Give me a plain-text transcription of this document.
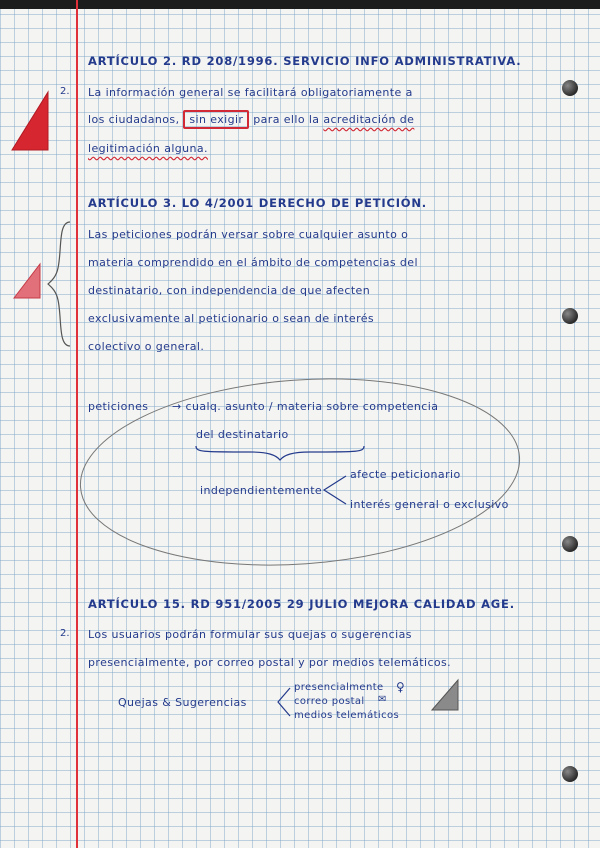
ARTÍCULO 2. RD 208/1996. SERVICIO INFO ADMINISTRATIVA.
2. La información general se facilitará obligatoriamente a
los ciudadanos, sin exigir para ello la acreditación de
legitimación alguna.
ARTÍCULO 3. LO 4/2001 DERECHO DE PETICIÓN.
Las peticiones podrán versar sobre cualquier asunto o
materia comprendido en el ámbito de competencias del
destinatario, con independencia de que afecten
exclusivamente al peticionario o sean de interés
colectivo o general.
peticiones → cualq. asunto / materia sobre competencia
del destinatario
independientemente
afecte peticionario
interés general o exclusivo
ARTÍCULO 15. RD 951/2005 29 JULIO MEJORA CALIDAD AGE.
2. Los usuarios podrán formular sus quejas o sugerencias
presencialmente, por correo postal y por medios telemáticos.
Quejas & Sugerencias
presencialmente
correo postal
medios telemáticos
♀
✉
